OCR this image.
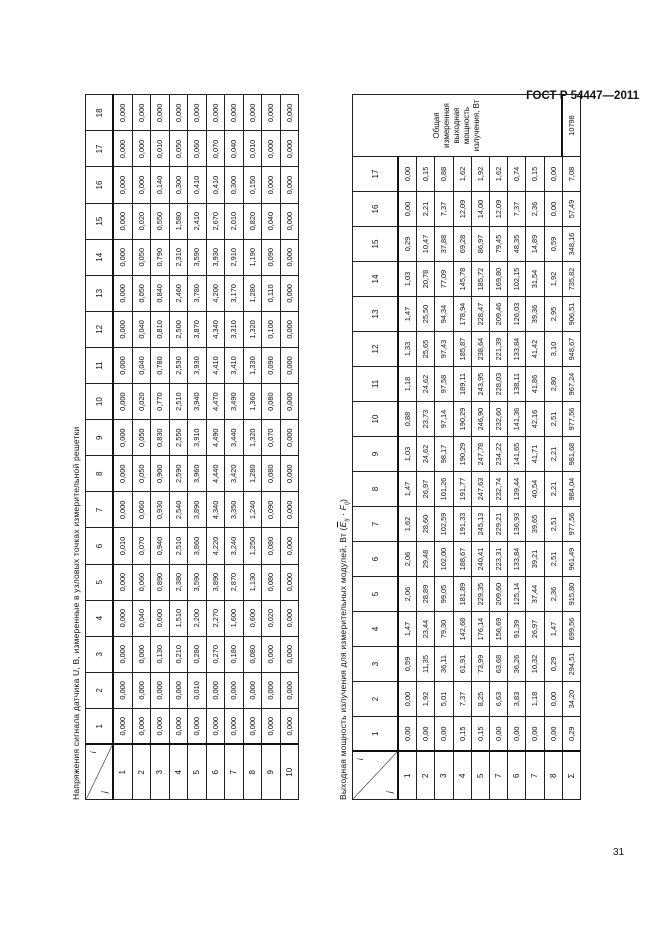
ГОСТ Р 54447—2011
Напряжения сигнала датчика U, В, измеренные в узловых точках измерительной решетки	i
j	1	2	3	4	5	6	7	8	9	10	11	12	13	14	15	16	17	18
1	0,000	0,000	0,000	0,000	0,000	0,010	0,000	0,000	0,000	0,000	0,000	0,000	0,000	0,000	0,000	0,000	0,000	0,000
2	0,000	0,000	0,000	0,040	0,060	0,070	0,060	0,050	0,050	0,020	0,040	0,040	0,050	0,050	0,020	0,000	0,000	0,000
3	0,000	0,000	0,130	0,600	0,890	0,940	0,930	0,900	0,830	0,770	0,780	0,810	0,840	0,790	0,550	0,140	0,010	0,000
4	0,000	0,000	0,210	1,510	2,380	2,510	2,540	2,590	2,550	2,510	2,530	2,500	2,460	2,310	1,580	0,300	0,050	0,000
5	0,000	0,010	0,280	2,200	3,590	3,860	3,890	3,960	3,910	3,940	3,930	3,870	3,780	3,590	2,410	0,410	0,060	0,000
6	0,000	0,000	0,270	2,270	3,890	4,220	4,340	4,440	4,490	4,470	4,410	4,340	4,200	3,930	2,670	0,410	0,070	0,000
7	0,000	0,000	0,180	1,600	2,870	3,240	3,350	3,420	3,440	3,490	3,410	3,310	3,170	2,910	2,010	0,300	0,040	0,000
8	0,000	0,000	0,080	0,600	1,130	1,250	1,240	1,280	1,320	1,360	1,330	1,320	1,280	1,190	0,820	0,150	0,010	0,000
9	0,000	0,000	0,000	0,020	0,080	0,080	0,090	0,080	0,070	0,080	0,090	0,100	0,110	0,090	0,040	0,000	0,000	0,000
10	0,000	0,000	0,000	0,000	0,000	0,000	0,000	0,000	0,000	0,000	0,000	0,000	0,000	0,000	0,000	0,000	0,000	0,000
Выходная мощность излучения для измерительных модулей, Вт $(\overline{E}_{ij} \cdot F_{ij})$
i
j	1	2	3	4	5	6	7	8	9	10	11	12	13	14	15	16	17	Общая измеренная выходная мощность излучения, Вт
1	0,00	0,00	0,59	1,47	2,06	2,06	1,62	1,47	1,03	0,88	1,18	1,33	1,47	1,03	0,29	0,00	0,00	
2	0,00	1,92	11,35	23,44	28,89	29,48	28,60	26,97	24,62	23,73	24,62	25,65	25,50	20,78	10,47	2,21	0,15	
3	0,00	5,01	36,11	79,30	99,05	102,00	102,59	101,26	98,17	97,14	97,58	97,43	94,34	77,09	37,88	7,37	0,88	
4	0,15	7,37	61,91	142,68	181,89	188,67	191,33	191,77	190,29	190,29	189,11	185,87	178,94	145,78	69,28	12,09	1,62	
5	0,15	8,25	73,99	176,14	229,35	240,41	245,13	247,63	247,78	246,90	243,95	238,64	228,47	185,72	86,97	14,00	1,92	
7	0,00	6,63	63,68	156,69	209,60	223,31	229,21	232,74	234,22	232,60	228,03	221,39	209,46	169,80	79,45	12,09	1,62	
6	0,00	3,83	36,26	91,39	125,14	133,84	136,93	139,44	141,65	141,36	138,11	133,84	126,03	102,15	48,35	7,37	0,74	
7	0,00	1,18	10,32	26,97	37,44	39,21	39,65	40,54	41,71	42,16	41,86	41,42	39,36	31,54	14,89	2,36	0,15	
8	0,00	0,00	0,29	1,47	2,36	2,51	2,51	2,21	2,21	2,51	2,80	3,10	2,95	1,92	0,59	0,00	0,00	
Σ	0,29	34,20	294,51	699,56	915,80	961,49	977,56	984,04	981,68	977,56	967,24	948,67	906,51	735,82	348,16	57,49	7,08	10798
31
